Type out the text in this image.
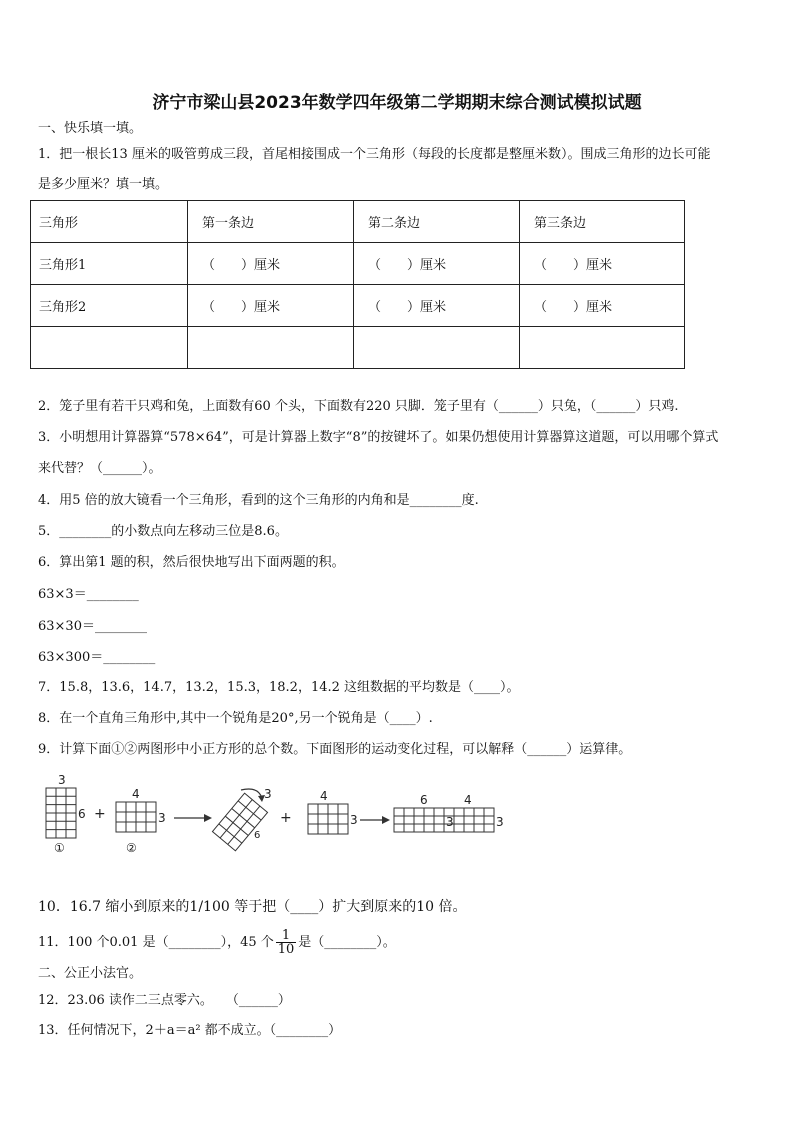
济宁市梁山县2023年数学四年级第二学期期末综合测试模拟试题
一、快乐填一填。
1．把一根长13 厘米的吸管剪成三段，首尾相接围成一个三角形（每段的长度都是整厘米数）。围成三角形的边长可能
是多少厘米？填一填。
三角形	第一条边	第二条边	第三条边
三角形1	（　　）厘米	（　　）厘米	（　　）厘米
三角形2	（　　）厘米	（　　）厘米	（　　）厘米

2．笼子里有若干只鸡和兔，上面数有60 个头，下面数有220 只脚．笼子里有（______）只兔，（______）只鸡.
3．小明想用计算器算“578×64”，可是计算器上数字“8”的按键坏了。如果仍想使用计算器算这道题，可以用哪个算式
来代替？（______）。
4．用5 倍的放大镜看一个三角形，看到的这个三角形的内角和是________度.
5．________的小数点向左移动三位是8.6。
6．算出第1 题的积，然后很快地写出下面两题的积。
63×3＝________
63×30＝________
63×300＝________
7．15.8，13.6，14.7，13.2，15.3，18.2，14.2 这组数据的平均数是（____）。
8．在一个直角三角形中,其中一个锐角是20°,另一个锐角是（____）.
9．计算下面①②两图形中小正方形的总个数。下面图形的运动变化过程，可以解释（______）运算律。
3
6
①
+
4
3
②
3
6
+
4
3
6	4
3	3
10．16.7 缩小到原来的1/100 等于把（____）扩大到原来的10 倍。
11．100 个0.01 是（________），45 个 $\frac{1}{10}$ 是（________）。
二、公正小法官。
12．23.06 读作二三点零六。　　（______）
13．任何情况下，2＋a＝a² 都不成立。（________）
